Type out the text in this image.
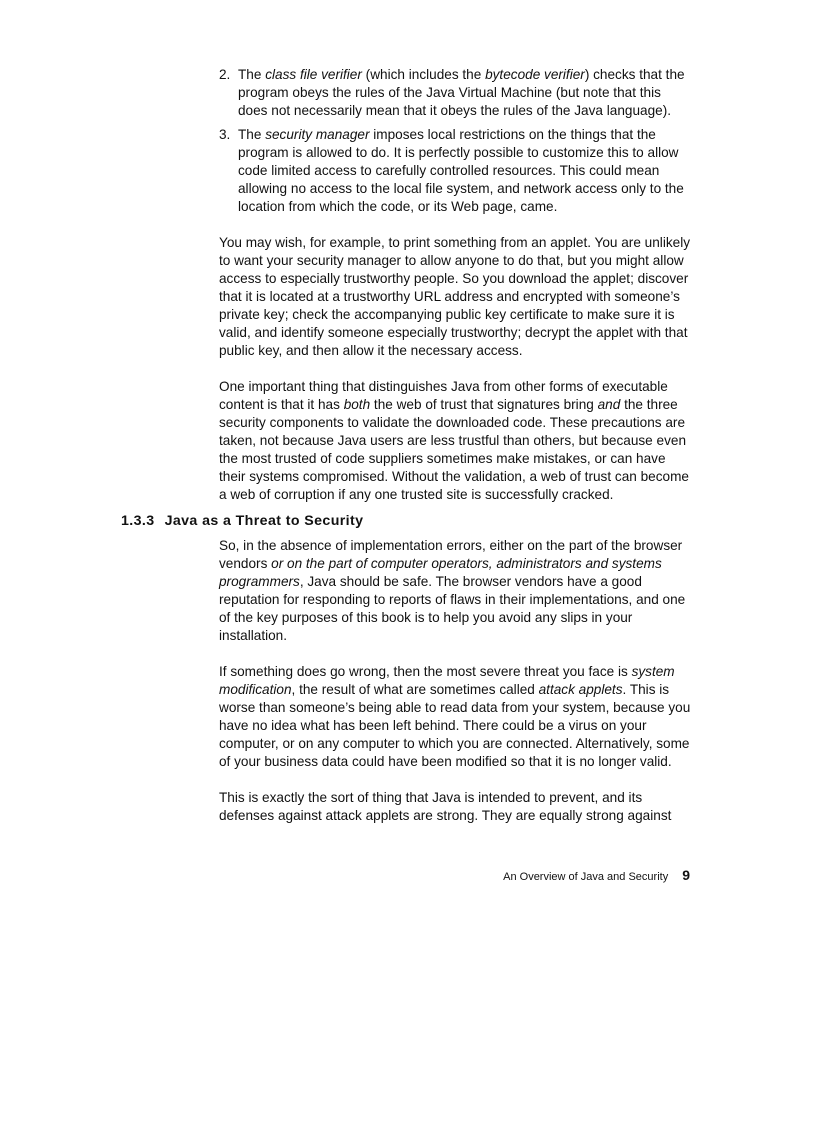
2. The class file verifier (which includes the bytecode verifier) checks that the program obeys the rules of the Java Virtual Machine (but note that this does not necessarily mean that it obeys the rules of the Java language).
3. The security manager imposes local restrictions on the things that the program is allowed to do. It is perfectly possible to customize this to allow code limited access to carefully controlled resources. This could mean allowing no access to the local file system, and network access only to the location from which the code, or its Web page, came.

You may wish, for example, to print something from an applet. You are unlikely to want your security manager to allow anyone to do that, but you might allow access to especially trustworthy people. So you download the applet; discover that it is located at a trustworthy URL address and encrypted with someone’s private key; check the accompanying public key certificate to make sure it is valid, and identify someone especially trustworthy; decrypt the applet with that public key, and then allow it the necessary access.

One important thing that distinguishes Java from other forms of executable content is that it has both the web of trust that signatures bring and the three security components to validate the downloaded code. These precautions are taken, not because Java users are less trustful than others, but because even the most trusted of code suppliers sometimes make mistakes, or can have their systems compromised. Without the validation, a web of trust can become a web of corruption if any one trusted site is successfully cracked.

1.3.3 Java as a Threat to Security

So, in the absence of implementation errors, either on the part of the browser vendors or on the part of computer operators, administrators and systems programmers, Java should be safe. The browser vendors have a good reputation for responding to reports of flaws in their implementations, and one of the key purposes of this book is to help you avoid any slips in your installation.

If something does go wrong, then the most severe threat you face is system modification, the result of what are sometimes called attack applets. This is worse than someone’s being able to read data from your system, because you have no idea what has been left behind. There could be a virus on your computer, or on any computer to which you are connected. Alternatively, some of your business data could have been modified so that it is no longer valid.

This is exactly the sort of thing that Java is intended to prevent, and its defenses against attack applets are strong. They are equally strong against

An Overview of Java and Security 9
